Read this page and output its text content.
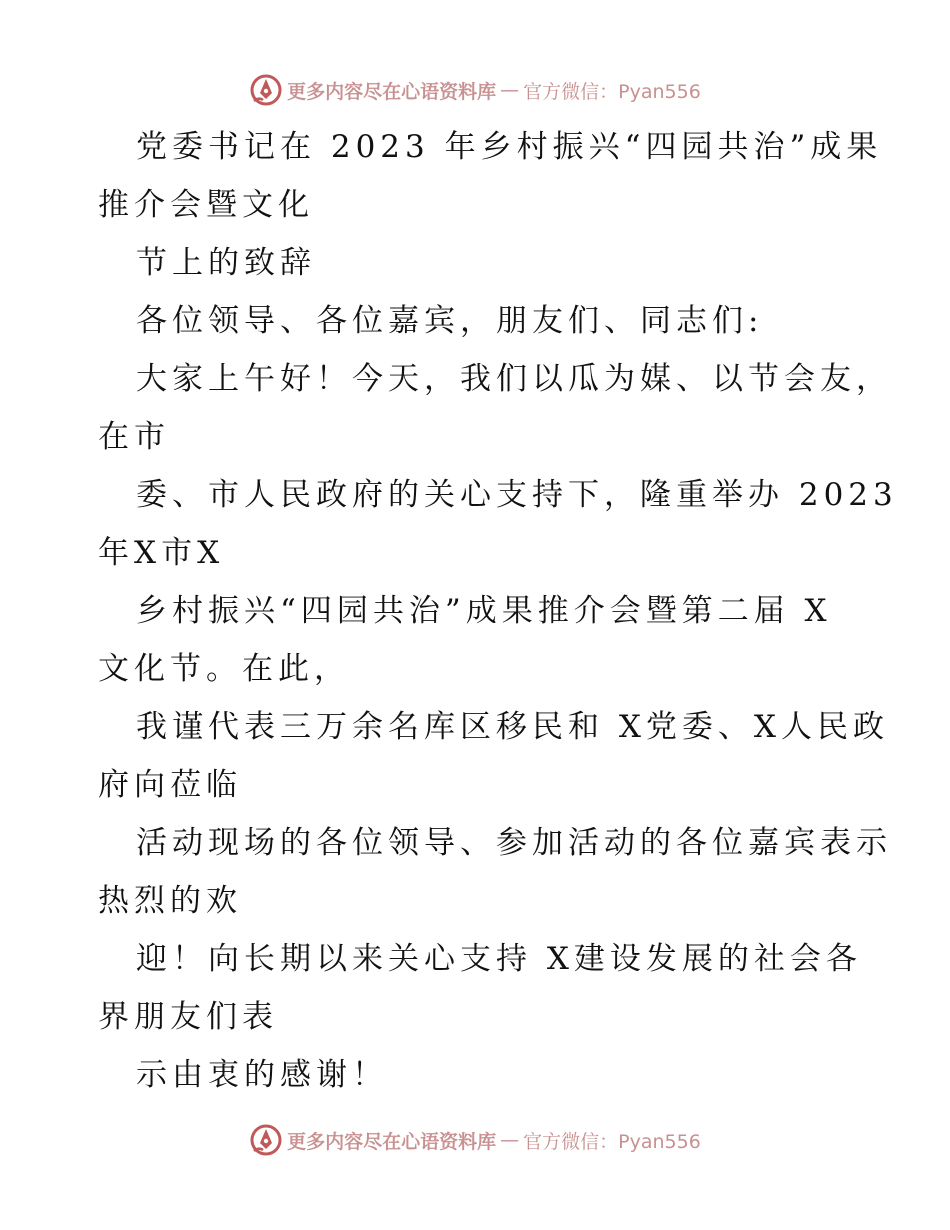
更多内容尽在心语资料库 — 官方微信：Pyan556
党委书记在 2023 年乡村振兴“四园共治”成果
推介会暨文化
节上的致辞
各位领导、各位嘉宾，朋友们、同志们:
大家上午好！今天，我们以瓜为媒、以节会友，
在市
委、市人民政府的关心支持下，隆重举办 2023
年X市X
乡村振兴“四园共治”成果推介会暨第二届 X
文化节。在此，
我谨代表三万余名库区移民和 X党委、X人民政
府向莅临
活动现场的各位领导、参加活动的各位嘉宾表示
热烈的欢
迎！向长期以来关心支持 X建设发展的社会各
界朋友们表
示由衷的感谢！
更多内容尽在心语资料库 — 官方微信：Pyan556
